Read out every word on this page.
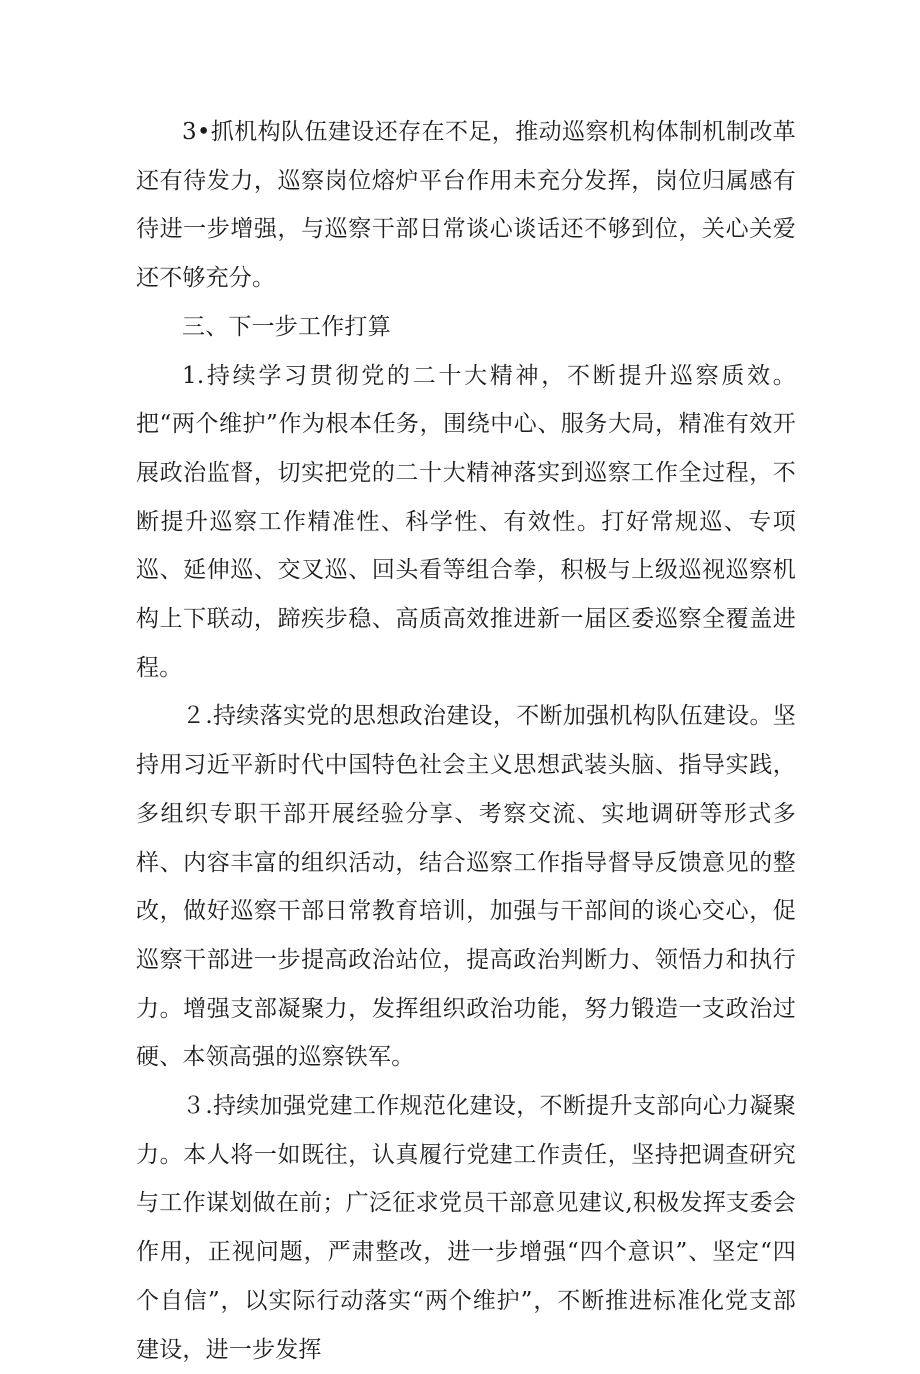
3•抓机构队伍建设还存在不足，推动巡察机构体制机制改革还有待发力，巡察岗位熔炉平台作用未充分发挥，岗位归属感有待进一步增强，与巡察干部日常谈心谈话还不够到位，关心关爱还不够充分。

三、下一步工作打算

1.持续学习贯彻党的二十大精神，不断提升巡察质效。把“两个维护”作为根本任务，围绕中心、服务大局，精准有效开展政治监督，切实把党的二十大精神落实到巡察工作全过程，不断提升巡察工作精准性、科学性、有效性。打好常规巡、专项巡、延伸巡、交叉巡、回头看等组合拳，积极与上级巡视巡察机构上下联动，蹄疾步稳、高质高效推进新一届区委巡察全覆盖进程。

２.持续落实党的思想政治建设，不断加强机构队伍建设。坚持用习近平新时代中国特色社会主义思想武装头脑、指导实践，多组织专职干部开展经验分享、考察交流、实地调研等形式多样、内容丰富的组织活动，结合巡察工作指导督导反馈意见的整改，做好巡察干部日常教育培训，加强与干部间的谈心交心，促巡察干部进一步提高政治站位，提高政治判断力、领悟力和执行力。增强支部凝聚力，发挥组织政治功能，努力锻造一支政治过硬、本领高强的巡察铁军。

３.持续加强党建工作规范化建设，不断提升支部向心力凝聚力。本人将一如既往，认真履行党建工作责任，坚持把调查研究与工作谋划做在前；广泛征求党员干部意见建议,积极发挥支委会作用，正视问题，严肃整改，进一步增强“四个意识”、坚定“四个自信”，以实际行动落实“两个维护”，不断推进标准化党支部建设，进一步发挥
